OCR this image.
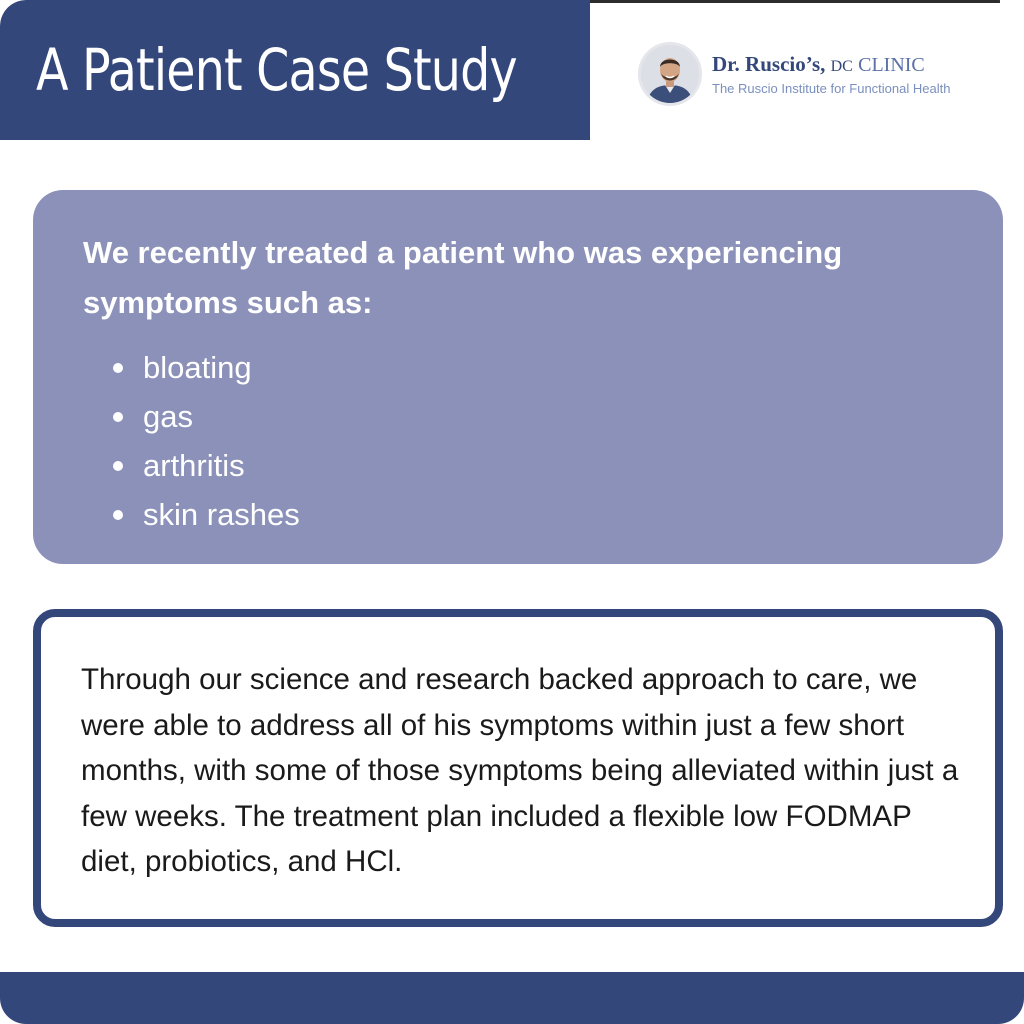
A Patient Case Study	Dr. Ruscio’s, DC CLINIC
The Ruscio Institute for Functional Health
We recently treated a patient who was experiencing symptoms such as:
bloating
gas
arthritis
skin rashes

Through our science and research backed approach to care, we were able to address all of his symptoms within just a few short months, with some of those symptoms being alleviated within just a few weeks. The treatment plan included a flexible low FODMAP diet, probiotics, and HCl.
